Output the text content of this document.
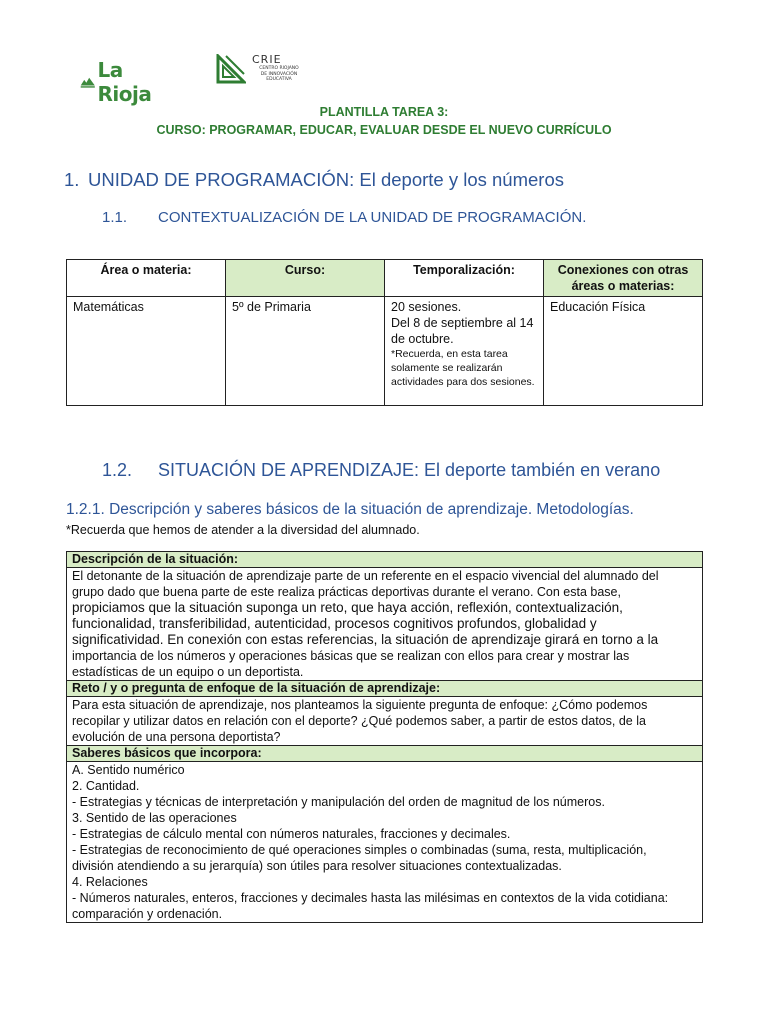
La Rioja
CRIE
CENTRO RIOJANO
DE INNOVACIÓN
EDUCATIVA
PLANTILLA TAREA 3:
CURSO: PROGRAMAR, EDUCAR, EVALUAR DESDE EL NUEVO CURRÍCULO
1. UNIDAD DE PROGRAMACIÓN: El deporte y los números
1.1. CONTEXTUALIZACIÓN DE LA UNIDAD DE PROGRAMACIÓN.
Área o materia:	Curso:	Temporalización:	Conexiones con otras áreas o materias:
Matemáticas	5º de Primaria	20 sesiones.
Del 8 de septiembre al 14 de octubre.
*Recuerda, en esta tarea solamente se realizarán actividades para dos sesiones.	Educación Física
1.2. SITUACIÓN DE APRENDIZAJE: El deporte también en verano
1.2.1. Descripción y saberes básicos de la situación de aprendizaje. Metodologías.
*Recuerda que hemos de atender a la diversidad del alumnado.
Descripción de la situación:

El detonante de la situación de aprendizaje parte de un referente en el espacio vivencial del alumnado del
grupo dado que buena parte de este realiza prácticas deportivas durante el verano. Con esta base,
propiciamos que la situación suponga un reto, que haya acción, reflexión, contextualización,
funcionalidad, transferibilidad, autenticidad, procesos cognitivos profundos, globalidad y
significatividad. En conexión con estas referencias, la situación de aprendizaje girará en torno a la
importancia de los números y operaciones básicas que se realizan con ellos para crear y mostrar las
estadísticas de un equipo o un deportista.

Reto / y o pregunta de enfoque de la situación de aprendizaje:

Para esta situación de aprendizaje, nos planteamos la siguiente pregunta de enfoque: ¿Cómo podemos
recopilar y utilizar datos en relación con el deporte? ¿Qué podemos saber, a partir de estos datos, de la
evolución de una persona deportista?

Saberes básicos que incorpora:

A. Sentido numérico
2. Cantidad.
- Estrategias y técnicas de interpretación y manipulación del orden de magnitud de los números.
3. Sentido de las operaciones
- Estrategias de cálculo mental con números naturales, fracciones y decimales.
- Estrategias de reconocimiento de qué operaciones simples o combinadas (suma, resta, multiplicación,
división atendiendo a su jerarquía) son útiles para resolver situaciones contextualizadas.
4. Relaciones
- Números naturales, enteros, fracciones y decimales hasta las milésimas en contextos de la vida cotidiana:
comparación y ordenación.
